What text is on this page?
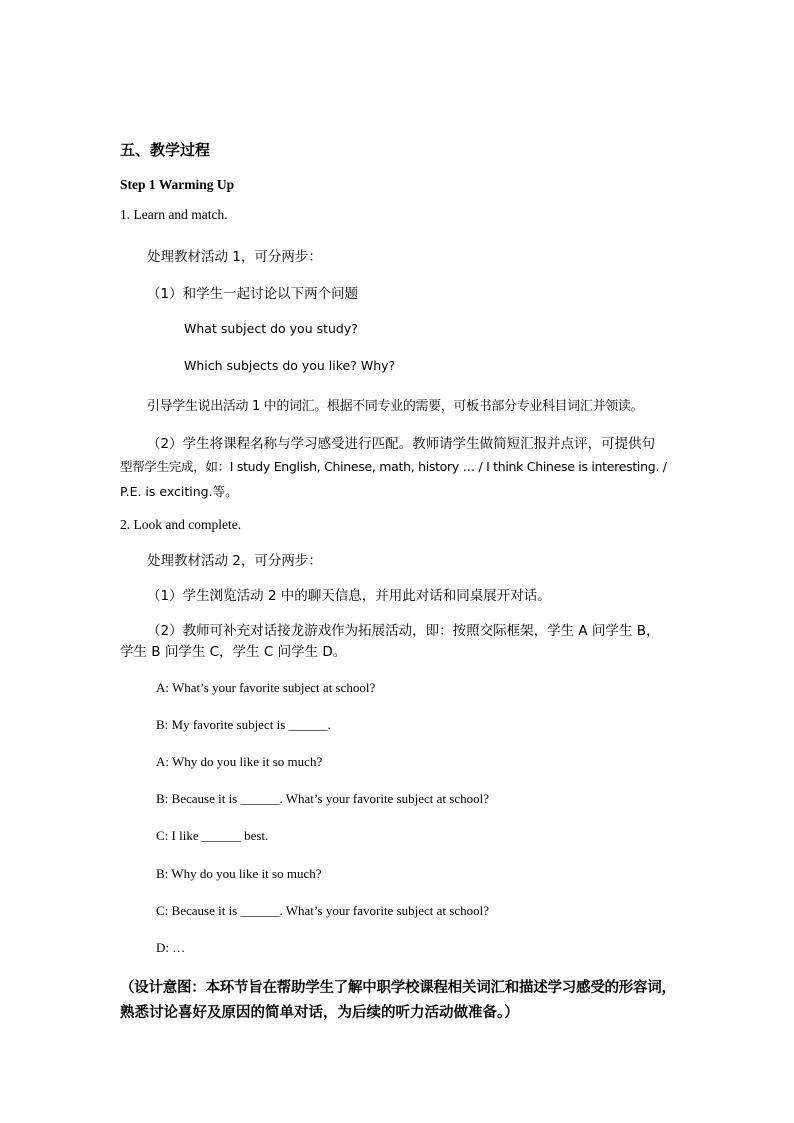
五、教学过程

Step 1 Warming Up

1. Learn and match.

处理教材活动 1，可分两步：

（1）和学生一起讨论以下两个问题

What subject do you study?

Which subjects do you like? Why?

引导学生说出活动 1 中的词汇。根据不同专业的需要，可板书部分专业科目词汇并领读。

（2）学生将课程名称与学习感受进行匹配。教师请学生做简短汇报并点评，可提供句

型帮学生完成，如：I study English, Chinese, math, history … / I think Chinese is interesting. /

P.E. is exciting.等。

2. Look and complete.

处理教材活动 2，可分两步：

（1）学生浏览活动 2 中的聊天信息，并用此对话和同桌展开对话。

（2）教师可补充对话接龙游戏作为拓展活动，即：按照交际框架，学生 A 问学生 B，

学生 B 问学生 C，学生 C 问学生 D。

A: What’s your favorite subject at school?

B: My favorite subject is ______.

A: Why do you like it so much?

B: Because it is ______. What’s your favorite subject at school?

C: I like ______ best.

B: Why do you like it so much?

C: Because it is ______. What’s your favorite subject at school?

D: …

（设计意图：本环节旨在帮助学生了解中职学校课程相关词汇和描述学习感受的形容词，

熟悉讨论喜好及原因的简单对话，为后续的听力活动做准备。）
